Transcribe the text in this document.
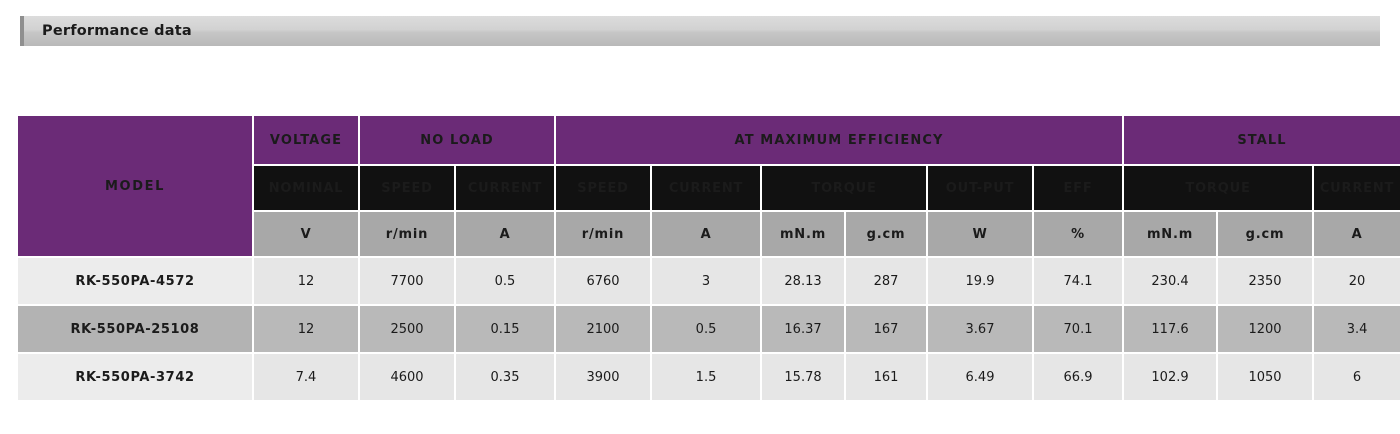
Performance data
MODEL	VOLTAGE	NO LOAD		AT MAXIMUM EFFICIENCY						STALL		
	NOMINAL	SPEED	CURRENT	SPEED	CURRENT	TORQUE		OUT-PUT	EFF	TORQUE		CURRENT
	V	r/min	A	r/min	A	mN.m	g.cm	W	%	mN.m	g.cm	A
RK-550PA-4572	12	7700	0.5	6760	3	28.13	287	19.9	74.1	230.4	2350	20
RK-550PA-25108	12	2500	0.15	2100	0.5	16.37	167	3.67	70.1	117.6	1200	3.4
RK-550PA-3742	7.4	4600	0.35	3900	1.5	15.78	161	6.49	66.9	102.9	1050	6
